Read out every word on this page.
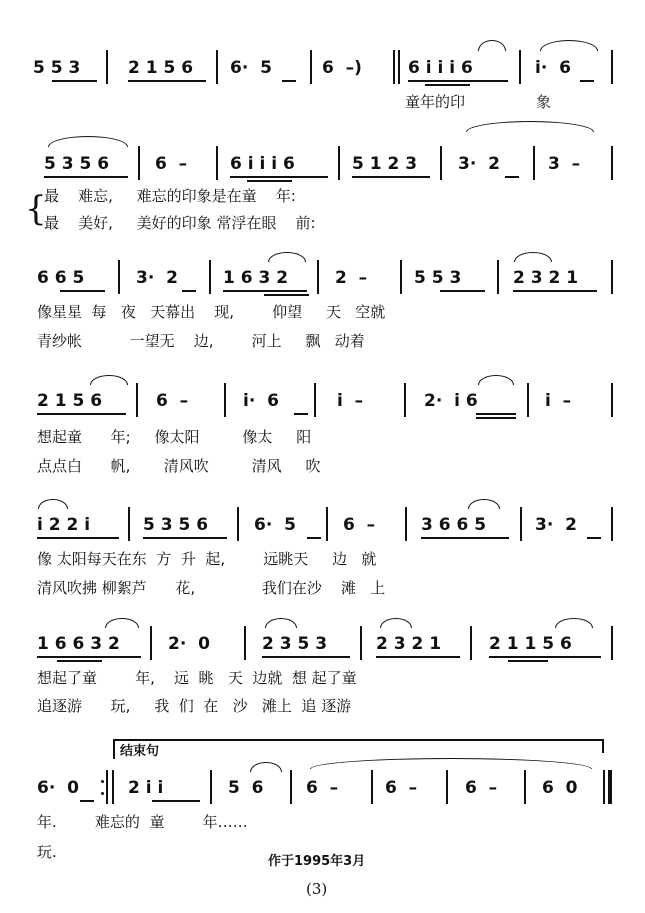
5 5 3	2 1 5 6 6·  5	6  –)	6 i i i 6	i·  6
童年的印	象
5 3 5 6	6  –	6 i i i 6	5 1 2 3 3·  2	3  –
{
最    难忘,     难忘的印象是在童    年:
最    美好,     美好的印象 常浮在眼    前:
6 6 5	3·  2	1 6 3 2	2  –	5 5 3	2 3 2 1
像星星  每   夜   天幕出    现,        仰望     天   空就
青纱帐          一望无    边,        河上     飘   动着
2 1 5 6	6  –	i·  6	i  –	2·  i 6	i  –
想起童      年;     像太阳         像太     阳
点点白      帆,       清风吹         清风     吹
i 2 2 i	5 3 5 6	6·  5	6  –	3 6 6 5	3·  2
像 太阳每天在东  方  升  起,        远眺天     边   就
清风吹拂 柳絮芦      花,              我们在沙    滩   上
1 6 6 3 2	2·  0	2 3 5 3	2 3 2 1	2 1 1 5 6
想起了童        年,    远  眺   天  边就  想 起了童
追逐游      玩,     我  们  在   沙   滩上  追 逐游
结束句
6·  0	2 i i	5  6	6  –	6  –	6  –	6  0
年.        难忘的  童        年……
玩.
作于1995年3月
(3)
